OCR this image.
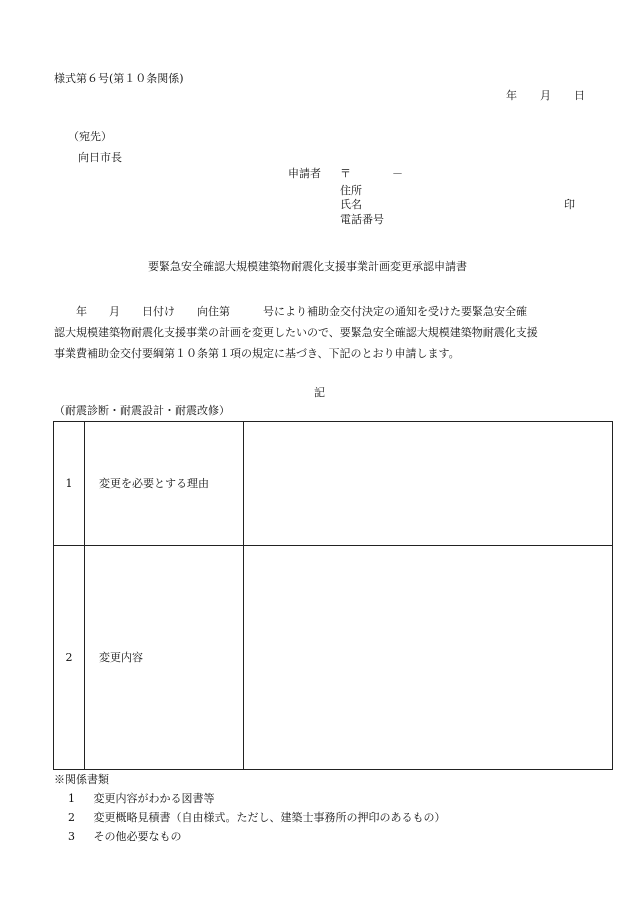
様式第６号(第１０条関係)
年 月 日
（宛先）
向日市長
申請者 〒	－
住所
氏名	印
電話番号
要緊急安全確認大規模建築物耐震化支援事業計画変更承認申請書

　　年　　月　　日付け　　向住第　　　号により補助金交付決定の通知を受けた要緊急安全確

認大規模建築物耐震化支援事業の計画を変更したいので、要緊急安全確認大規模建築物耐震化支援

事業費補助金交付要綱第１０条第１項の規定に基づき、下記のとおり申請します。

記
（耐震診断・耐震設計・耐震改修）
1	変更を必要とする理由	
2	変更内容	
※関係書類
1 変更内容がわかる図書等
2 変更概略見積書（自由様式。ただし、建築士事務所の押印のあるもの）
3 その他必要なもの
